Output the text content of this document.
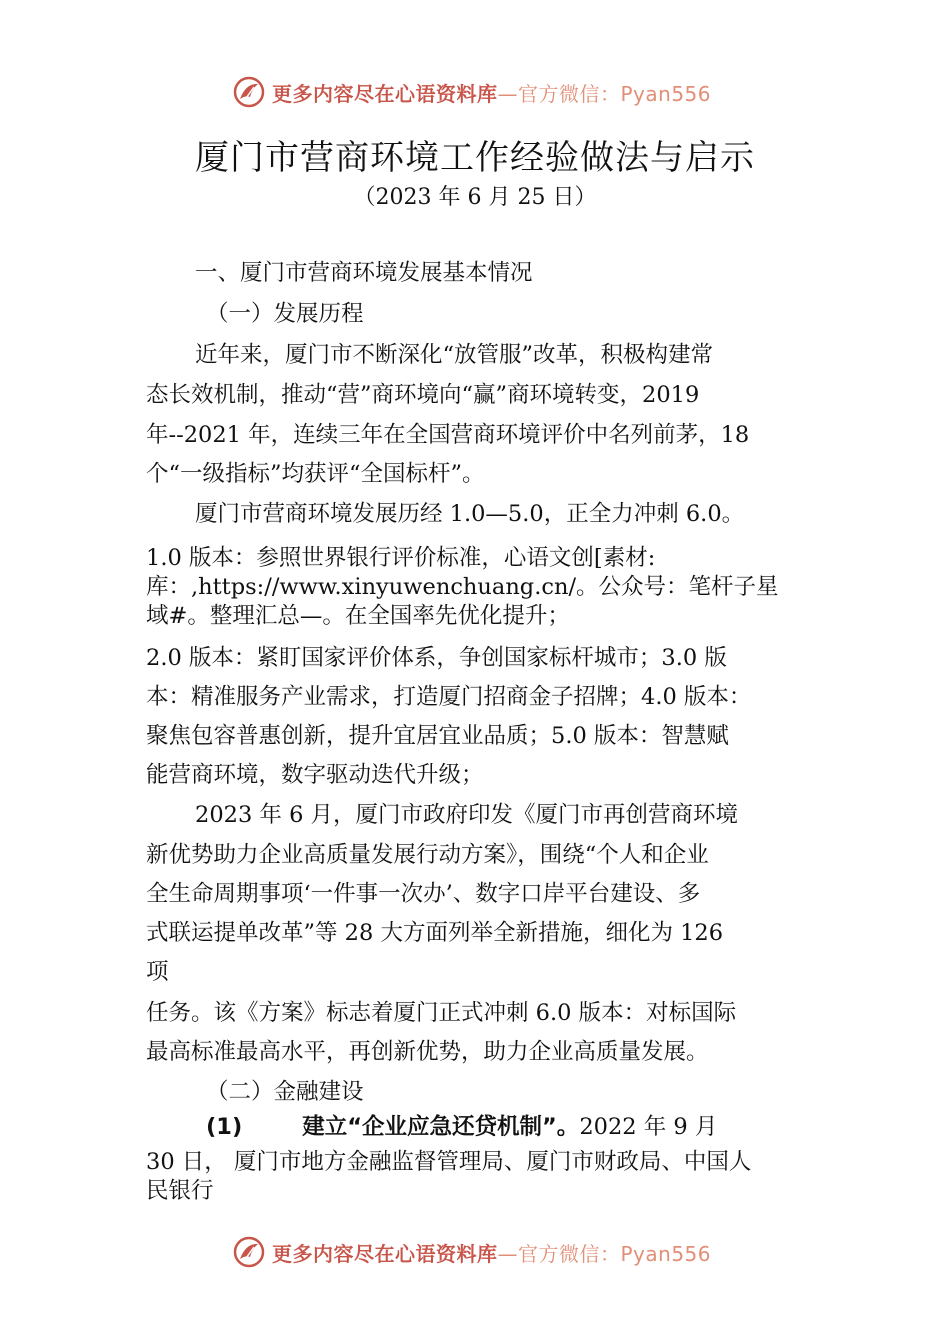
更多内容尽在心语资料库—官方微信：Pyan556
厦门市营商环境工作经验做法与启示
（2023 年 6 月 25 日）
一、厦门市营商环境发展基本情况
（一）发展历程
近年来，厦门市不断深化“放管服”改革，积极构建常
态长效机制，推动“营”商环境向“赢”商环境转变，2019
年--2021 年，连续三年在全国营商环境评价中名列前茅，18
个“一级指标”均获评“全国标杆”。
厦门市营商环境发展历经 1.0—5.0，正全力冲刺 6.0。
1.0 版本：参照世界银行评价标准，心语文创[素材:
库：,https://www.xinyuwenchuang.cn/。公众号：笔杆子星
域#。整理汇总—。在全国率先优化提升；
2.0 版本：紧盯国家评价体系，争创国家标杆城市；3.0 版
本：精准服务产业需求，打造厦门招商金子招牌；4.0 版本：
聚焦包容普惠创新，提升宜居宜业品质；5.0 版本：智慧赋
能营商环境，数字驱动迭代升级；
2023 年 6 月，厦门市政府印发《厦门市再创营商环境
新优势助力企业高质量发展行动方案》，围绕“个人和企业
全生命周期事项‘一件事一次办’、数字口岸平台建设、多
式联运提单改革”等 28 大方面列举全新措施，细化为 126
项
任务。该《方案》标志着厦门正式冲刺 6.0 版本：对标国际
最高标准最高水平，再创新优势，助力企业高质量发展。
（二）金融建设
(1)	建立“企业应急还贷机制”。2022 年 9 月
30 日， 厦门市地方金融监督管理局、厦门市财政局、中国人
民银行
更多内容尽在心语资料库—官方微信：Pyan556
